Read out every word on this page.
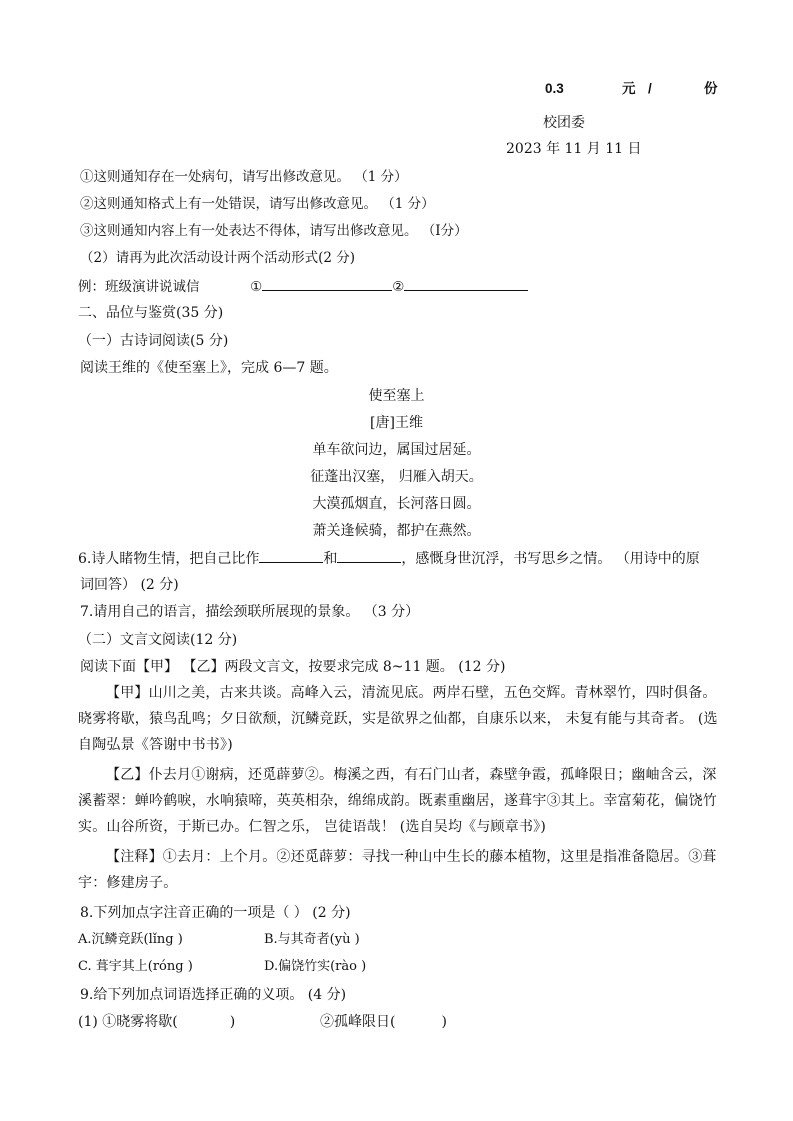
0.3	元 /	份
校团委
2023 年 11 月 11 日
①这则通知存在一处病句，请写出修改意见。 （1 分）
②这则通知格式上有一处错误，请写出修改意见。 （1 分）
③这则通知内容上有一处表达不得体，请写出修改意见。 （Ⅰ分）
（2）请再为此次活动设计两个活动形式(2 分)
例：班级演讲说诚信	①	②
二、品位与鉴赏(35 分)
（一）古诗词阅读(5 分)
阅读王维的《使至塞上》，完成 6—7 题。
使至塞上
[唐]王维
单车欲问边，属国过居延。
征蓬出汉塞， 归雁入胡天。
大漠孤烟直，长河落日圆。
萧关逢候骑，都护在燕然。
6.诗人睹物生情，把自己比作	和	，感慨身世沉浮，书写思乡之情。 （用诗中的原
词回答） (2 分)
7.请用自己的语言，描绘颈联所展现的景象。 （3 分）
（二）文言文阅读(12 分)
阅读下面【甲】 【乙】两段文言文，按要求完成 8~11 题。 (12 分)
【甲】山川之美，古来共谈。高峰入云，清流见底。两岸石壁，五色交辉。青林翠竹，四时俱备。晓雾将歇，猿鸟乱鸣；夕日欲颓，沉鳞竞跃，实是欲界之仙都，自康乐以来， 未复有能与其奇者。 (选自陶弘景《答谢中书书》)
【乙】仆去月①谢病，还觅薜萝②。梅溪之西，有石门山者，森壁争霞，孤峰限日；幽岫含云，深溪蓄翠：蝉吟鹤唳，水响猿啼，英英相杂，绵绵成韵。既素重幽居，遂葺宇③其上。幸富菊花，偏饶竹实。山谷所资，于斯已办。仁智之乐， 岂徒语哉！ (选自吴均《与顾章书》)
【注释】①去月：上个月。②还觅薜萝：寻找一种山中生长的藤本植物，这里是指准备隐居。③葺宇：修建房子。
8.下列加点字注音正确的一项是（ ） (2 分)
A.沉鳞竞跃(lǐng )	B.与其奇者(yù )
C. 葺宇其上(róng )	D.偏饶竹实(rào )
9.给下列加点词语选择正确的义项。 (4 分)
(1) ①晓雾将歇(	)	②孤峰限日(	)
